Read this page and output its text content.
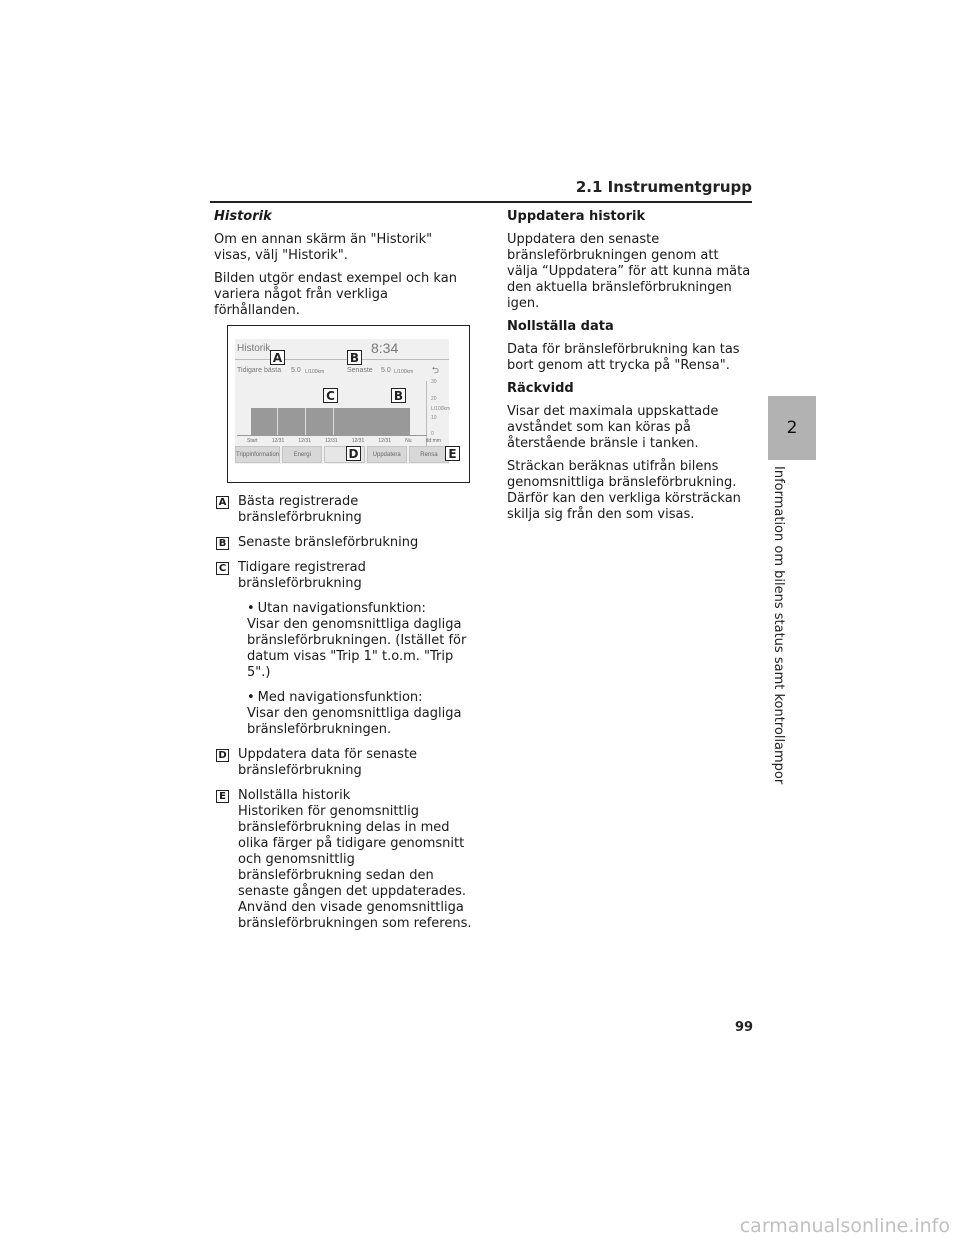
2.1 Instrumentgrupp
Historik

Om en annan skärm än "Historik" visas, välj "Historik".

Bilden utgör endast exempel och kan variera något från verkliga förhållanden.

A Bästa registrerade
bränsleförbrukning
B Senaste bränsleförbrukning
C Tidigare registrerad
bränsleförbrukning
• Utan navigationsfunktion:
Visar den genomsnittliga dagliga bränsleförbrukningen. (Istället för datum visas "Trip 1" t.o.m. "Trip 5".)
• Med navigationsfunktion:
Visar den genomsnittliga dagliga bränsleförbrukningen.
D Uppdatera data för senaste
bränsleförbrukning
E Nollställa historik
Historiken för genomsnittlig bränsleförbrukning delas in med olika färger på tidigare genomsnitt och genomsnittlig bränsleförbrukning sedan den senaste gången det uppdaterades. Använd den visade genomsnittliga bränsleförbrukningen som referens.
Historik	8:34
Tidigare bästa 5.0 L/100km	Senaste 5.0 L/100km ⮌
30
20
L/100km
10
0
Start	12/31	12/31	12/31	12/31	12/31	Nu	dd:mm
Trippinformation	Energi	Uppdatera	Rensa
A	B
C	B
D	E
Uppdatera historik

Uppdatera den senaste bränsleförbrukningen genom att välja “Uppdatera” för att kunna mäta den aktuella bränsleförbrukningen igen.

Nollställa data

Data för bränsleförbrukning kan tas bort genom att trycka på "Rensa".

Räckvidd

Visar det maximala uppskattade avståndet som kan köras på återstående bränsle i tanken.

Sträckan beräknas utifrån bilens genomsnittliga bränsleförbrukning. Därför kan den verkliga körsträckan skilja sig från den som visas.

2
Information om bilens status samt kontrollampor
99
carmanualsonline.info
